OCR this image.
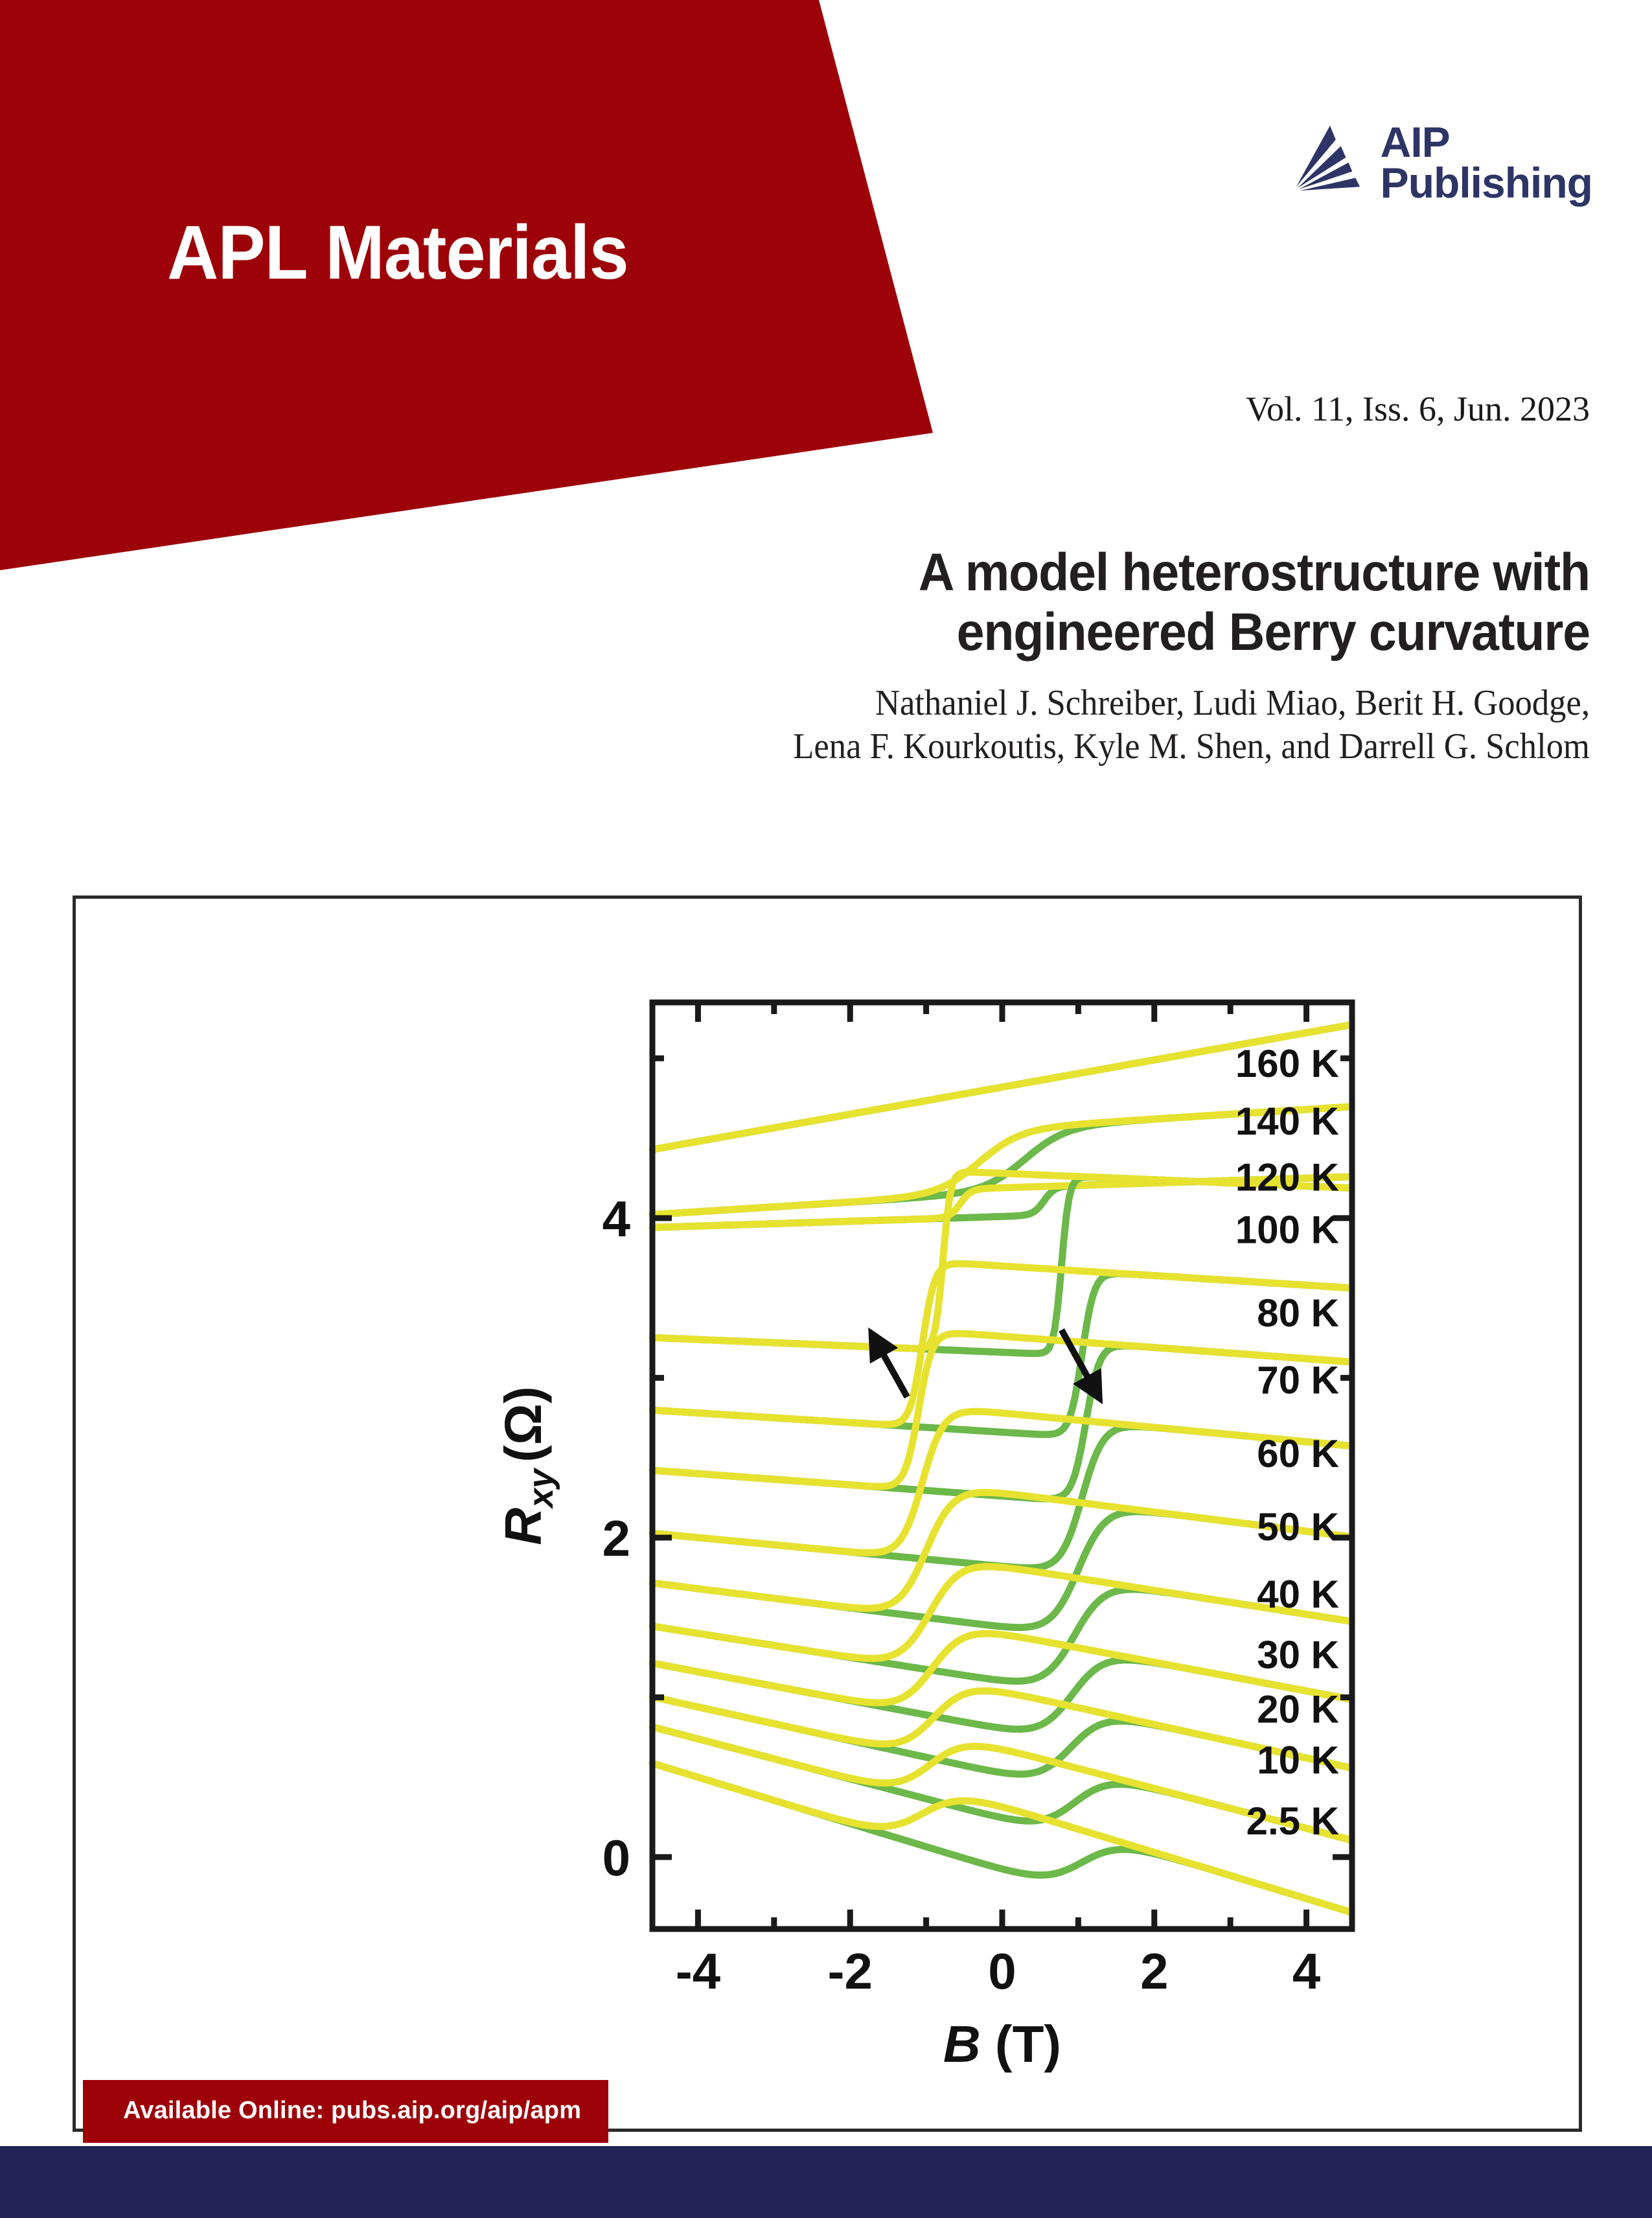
APL Materials
AIP
Publishing
Vol. 11, Iss. 6, Jun. 2023
A model heterostructure with
engineered Berry curvature
Nathaniel J. Schreiber, Ludi Miao, Berit H. Goodge,
Lena F. Kourkoutis, Kyle M. Shen, and Darrell G. Schlom
-4 -2 0 2 4
0
2
4
B (T)
$R_{xy}(\Omega)$
160 K
140 K
120 K
100 K
80 K
70 K
60 K
50 K
40 K
30 K
20 K
10 K
2.5 K
Available Online: pubs.aip.org/aip/apm
